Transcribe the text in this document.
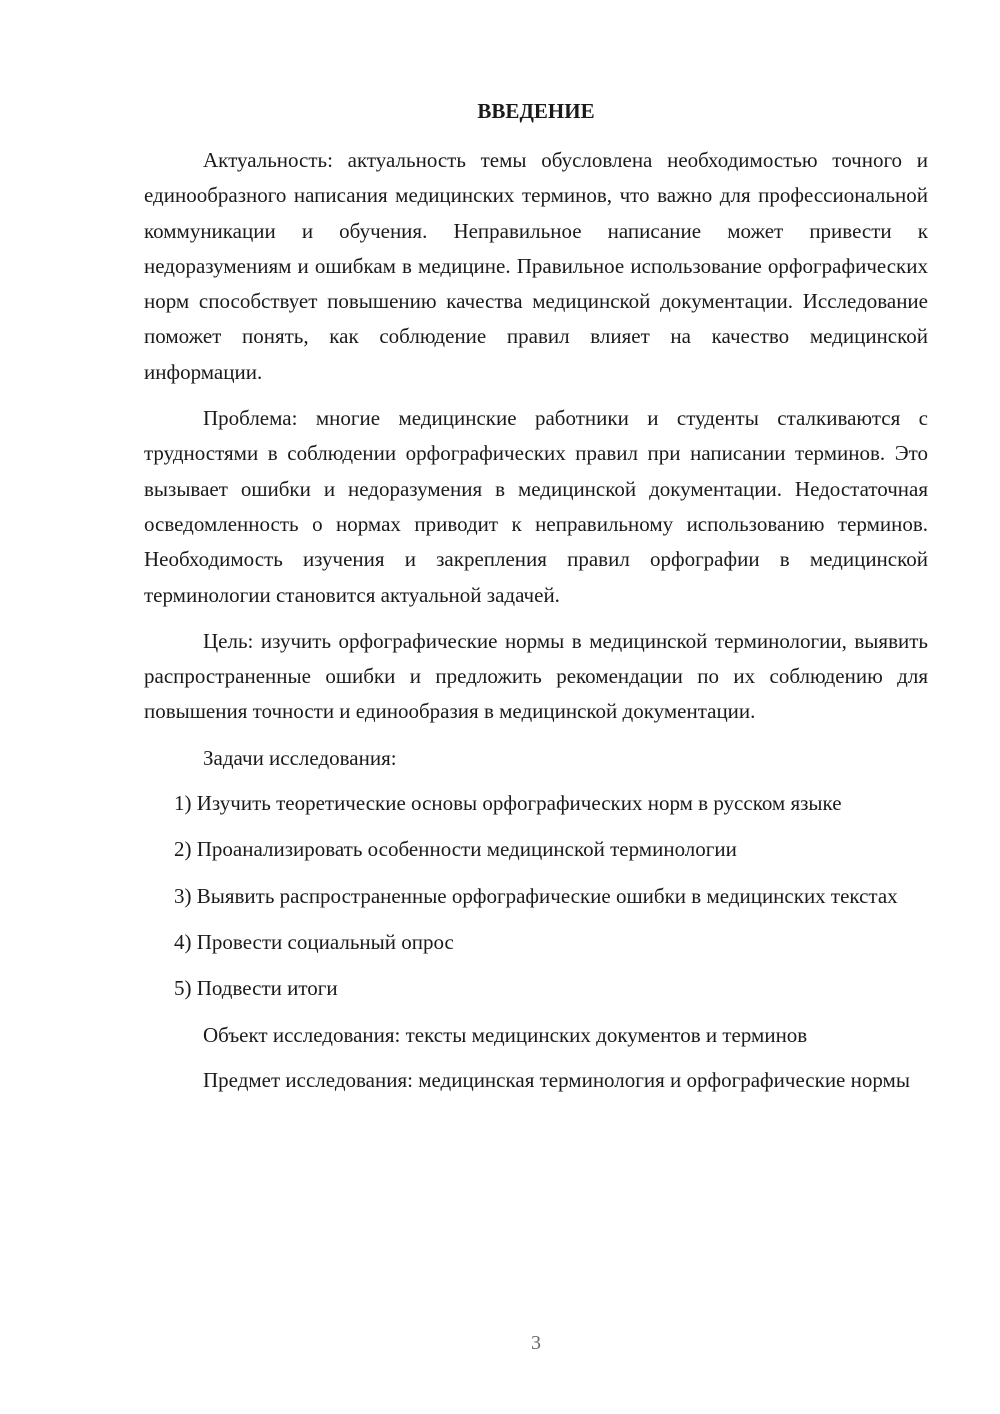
ВВЕДЕНИЕ

Актуальность: актуальность темы обусловлена необходимостью точного и единообразного написания медицинских терминов, что важно для профессиональной коммуникации и обучения. Неправильное написание может привести к недоразумениям и ошибкам в медицине. Правильное использование орфографических норм способствует повышению качества медицинской документации. Исследование поможет понять, как соблюдение правил влияет на качество медицинской информации.

Проблема: многие медицинские работники и студенты сталкиваются с трудностями в соблюдении орфографических правил при написании терминов. Это вызывает ошибки и недоразумения в медицинской документации. Недостаточная осведомленность о нормах приводит к неправильному использованию терминов. Необходимость изучения и закрепления правил орфографии в медицинской терминологии становится актуальной задачей.

Цель: изучить орфографические нормы в медицинской терминологии, выявить распространенные ошибки и предложить рекомендации по их соблюдению для повышения точности и единообразия в медицинской документации.

Задачи исследования:

1) Изучить теоретические основы орфографических норм в русском языке

2) Проанализировать особенности медицинской терминологии

3) Выявить распространенные орфографические ошибки в медицинских текстах

4) Провести социальный опрос

5) Подвести итоги

Объект исследования: тексты медицинских документов и терминов

Предмет исследования: медицинская терминология и орфографические нормы

3
